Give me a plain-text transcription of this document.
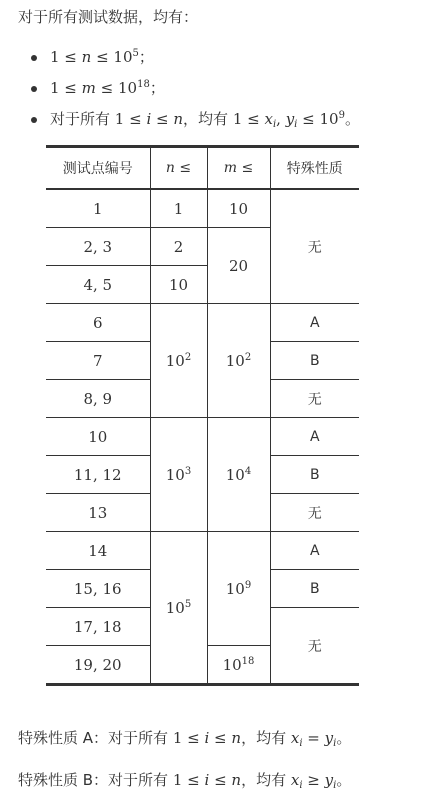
对于所有测试数据，均有：
$1 \le n \le 10^5$；
$1 \le m \le 10^{18}$；
对于所有 1 ≤ i ≤ n，均有 $1 \le x_i$, $y_i \le 10^9$。
测试点编号	n ≤	m ≤	特殊性质
1	1	10	无
2, 3	2	20	
4, 5	10		
6	$10^2$	$10^2$	A
7			B
8, 9			无
10	$10^3$	$10^4$	A
11, 12			B
13			无
14	$10^5$	$10^9$	A
15, 16			B
17, 18			无
19, 20		$10^{18}$
特殊性质 A：对于所有 1 ≤ i ≤ n，均有 $x_i = y_i$。
特殊性质 B：对于所有 1 ≤ i ≤ n，均有 $x_i \ge y_i$。
